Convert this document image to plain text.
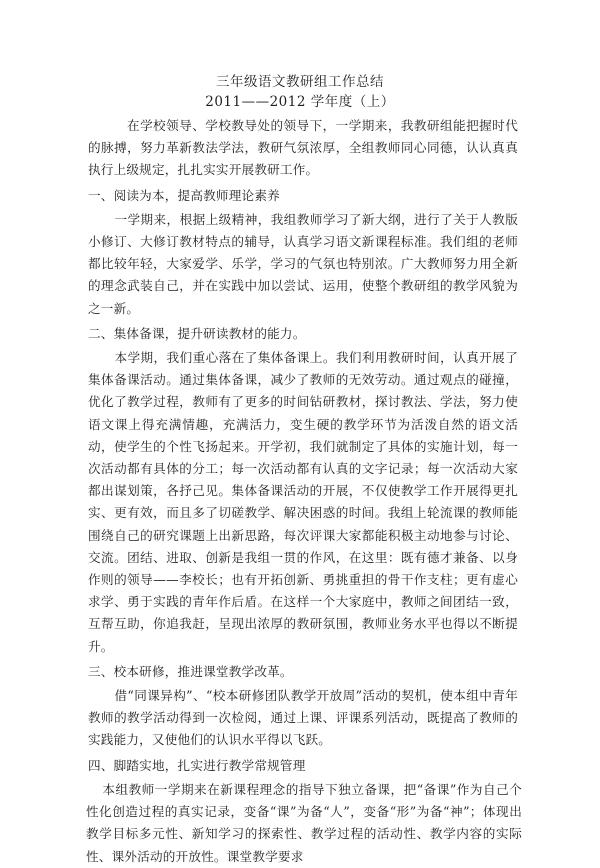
三年级语文教研组工作总结
2011——2012 学年度（上）

在学校领导、学校教导处的领导下，一学期来，我教研组能把握时代的脉搏，努力革新教法学法，教研气氛浓厚，全组教师同心同德，认认真真执行上级规定，扎扎实实开展教研工作。

一、阅读为本，提高教师理论素养

一学期来，根据上级精神，我组教师学习了新大纲，进行了关于人教版小修订、大修订教材特点的辅导，认真学习语文新课程标准。我们组的老师都比较年轻，大家爱学、乐学，学习的气氛也特别浓。广大教师努力用全新的理念武装自己，并在实践中加以尝试、运用，使整个教研组的教学风貌为之一新。

二、集体备课，提升研读教材的能力。

本学期，我们重心落在了集体备课上。我们利用教研时间，认真开展了集体备课活动。通过集体备课，减少了教师的无效劳动。通过观点的碰撞，优化了教学过程，教师有了更多的时间钻研教材，探讨教法、学法，努力使语文课上得充满情趣，充满活力，变生硬的教学环节为活泼自然的语文活动，使学生的个性飞扬起来。开学初，我们就制定了具体的实施计划，每一次活动都有具体的分工；每一次活动都有认真的文字记录；每一次活动大家都出谋划策，各抒己见。集体备课活动的开展，不仅使教学工作开展得更扎实、更有效，而且多了切磋教学、解决困惑的时间。我组上轮流课的教师能围绕自己的研究课题上出新思路，每次评课大家都能积极主动地参与讨论、交流。团结、进取、创新是我组一贯的作风，在这里：既有德才兼备、以身作则的领导——李校长；也有开拓创新、勇挑重担的骨干作支柱；更有虚心求学、勇于实践的青年作后盾。在这样一个大家庭中，教师之间团结一致，互帮互助，你追我赶，呈现出浓厚的教研氛围，教师业务水平也得以不断提升。

三、校本研修，推进课堂教学改革。

借“同课异构”、“校本研修团队教学开放周”活动的契机，使本组中青年教师的教学活动得到一次检阅，通过上课、评课系列活动，既提高了教师的实践能力，又使他们的认识水平得以飞跃。

四、脚踏实地，扎实进行教学常规管理

本组教师一学期来在新课程理念的指导下独立备课，把“备课”作为自己个性化创造过程的真实记录，变备“课”为备“人”，变备“形”为备“神”；体现出教学目标多元性、新知学习的探索性、教学过程的活动性、教学内容的实际性、课外活动的开放性。课堂教学要求
